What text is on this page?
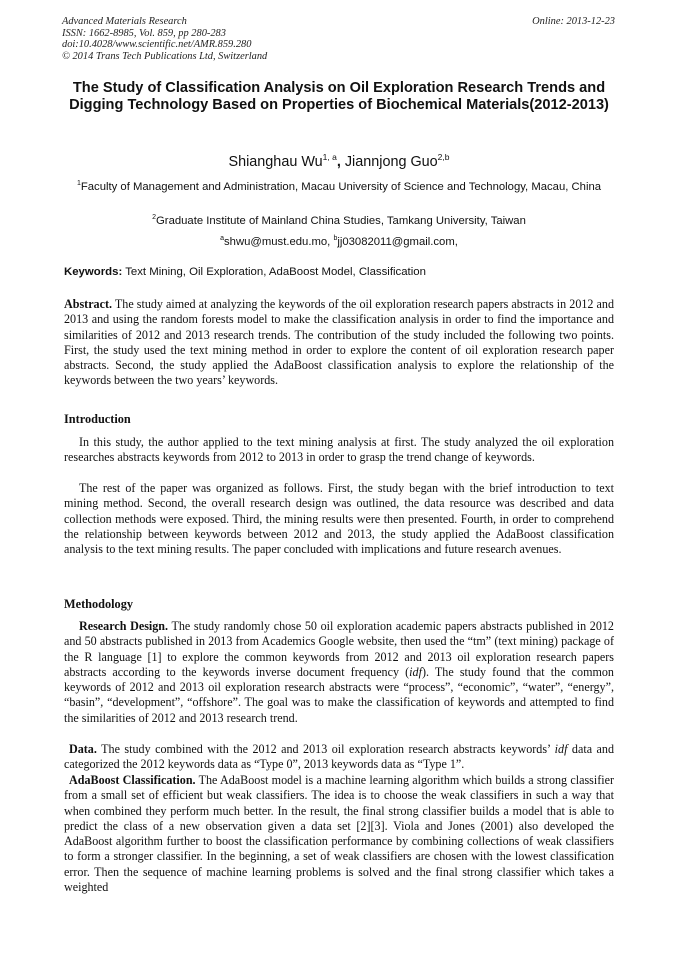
Advanced Materials Research
ISSN: 1662-8985, Vol. 859, pp 280-283
doi:10.4028/www.scientific.net/AMR.859.280
© 2014 Trans Tech Publications Ltd, Switzerland
Online: 2013-12-23
The Study of Classification Analysis on Oil Exploration Research Trends and Digging Technology Based on Properties of Biochemical Materials(2012-2013)
Shianghau Wu$^{1, a}$, Jiannjong Guo$^{2,b}$
$^1$Faculty of Management and Administration, Macau University of Science and Technology, Macau, China
$^2$Graduate Institute of Mainland China Studies, Tamkang University, Taiwan
$^a$shwu@must.edu.mo, $^b$jj03082011@gmail.com,
Keywords: Text Mining, Oil Exploration, AdaBoost Model, Classification
Abstract. The study aimed at analyzing the keywords of the oil exploration research papers abstracts in 2012 and 2013 and using the random forests model to make the classification analysis in order to find the importance and similarities of 2012 and 2013 research trends. The contribution of the study included the following two points. First, the study used the text mining method in order to explore the content of oil exploration research paper abstracts. Second, the study applied the AdaBoost classification analysis to explore the relationship of the keywords between the two years’ keywords.
Introduction
In this study, the author applied to the text mining analysis at first. The study analyzed the oil exploration researches abstracts keywords from 2012 to 2013 in order to grasp the trend change of keywords.
The rest of the paper was organized as follows. First, the study began with the brief introduction to text mining method. Second, the overall research design was outlined, the data resource was described and data collection methods were exposed. Third, the mining results were then presented. Fourth, in order to comprehend the relationship between keywords between 2012 and 2013, the study applied the AdaBoost classification analysis to the text mining results. The paper concluded with implications and future research avenues.
Methodology
Research Design. The study randomly chose 50 oil exploration academic papers abstracts published in 2012 and 50 abstracts published in 2013 from Academics Google website, then used the “tm” (text mining) package of the R language [1] to explore the common keywords from 2012 and 2013 oil exploration research papers abstracts according to the keywords inverse document frequency (idf). The study found that the common keywords of 2012 and 2013 oil exploration research abstracts were “process”, “economic”, “water”, “energy”, “basin”, “development”, “offshore”. The goal was to make the classification of keywords and attempted to find the similarities of 2012 and 2013 research trend.
Data. The study combined with the 2012 and 2013 oil exploration research abstracts keywords’ idf data and categorized the 2012 keywords data as “Type 0”, 2013 keywords data as “Type 1”.
AdaBoost Classification. The AdaBoost model is a machine learning algorithm which builds a strong classifier from a small set of efficient but weak classifiers. The idea is to choose the weak classifiers in such a way that when combined they perform much better. In the result, the final strong classifier builds a model that is able to predict the class of a new observation given a data set [2][3]. Viola and Jones (2001) also developed the AdaBoost algorithm further to boost the classification performance by combining collections of weak classifiers to form a stronger classifier. In the beginning, a set of weak classifiers are chosen with the lowest classification error. Then the sequence of machine learning problems is solved and the final strong classifier which takes a weighted
